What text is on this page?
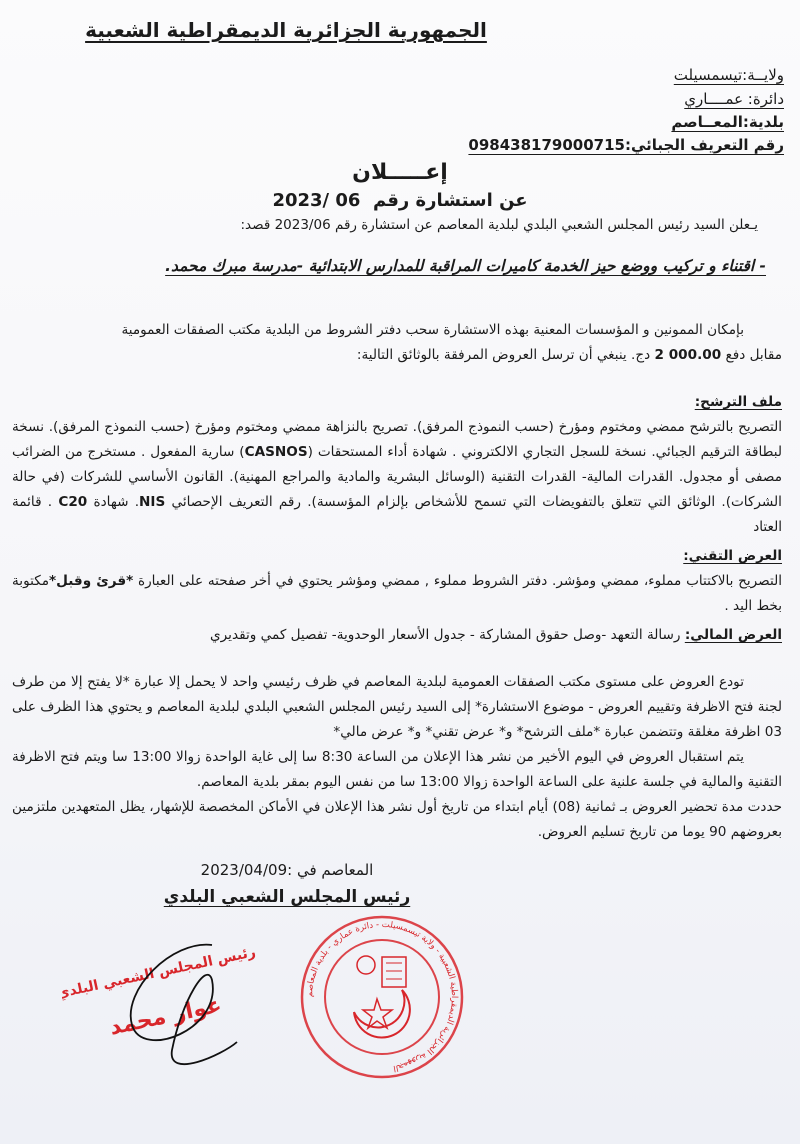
الجمهورية الجزائرية الديمقراطية الشعبية
ولايــة:تيسمسيلت
دائرة: عمــــاري
بلدية:المعــاصم
رقم التعريف الجبائي:098438179000715
إعـــــلان
عن استشارة رقم  2023/ 06
يـعلن السيد رئيس المجلس الشعبي البلدي لبلدية المعاصم عن استشارة رقم 2023/06 قصد:
- اقتناء و تركيب ووضع حيز الخدمة كاميرات المراقبة للمدارس الابتدائية -مدرسة مبرك محمد.
بإمكان الممونين و المؤسسات المعنية بهذه الاستشارة سحب دفتر الشروط من البلدية مكتب الصفقات العمومية
مقابل دفع 2 000.00 دج. ينبغي أن ترسل العروض المرفقة بالوثائق التالية:
ملف الترشح:
التصريح بالترشح ممضي ومختوم ومؤرخ (حسب النموذج المرفق). تصريح بالنزاهة ممضي ومختوم ومؤرخ (حسب النموذج المرفق). نسخة لبطاقة الترقيم الجبائي. نسخة للسجل التجاري الالكتروني . شهادة أداء المستحقات (CASNOS) سارية المفعول . مستخرج من الضرائب مصفى أو مجدول. القدرات المالية- القدرات التقنية (الوسائل البشرية والمادية والمراجع المهنية). القانون الأساسي للشركات (في حالة الشركات). الوثائق التي تتعلق بالتفويضات التي تسمح للأشخاص بإلزام المؤسسة). رقم التعريف الإحصائي NIS. شهادة C20 . قائمة العتاد
العرض التقني:
التصريح بالاكتتاب مملوء، ممضي ومؤشر. دفتر الشروط مملوء , ممضي ومؤشر يحتوي في أخر صفحته على العبارة *قرئ وقبل*مكتوبة بخط اليد .
العرض المالي: رسالة التعهد -وصل حقوق المشاركة - جدول الأسعار الوحدوية- تفصيل كمي وتقديري
تودع العروض على مستوى مكتب الصفقات العمومية لبلدية المعاصم في ظرف رئيسي واحد لا يحمل إلا عبارة *لا يفتح إلا من طرف لجنة فتح الاظرفة وتقييم العروض - موضوع الاستشارة* إلى السيد رئيس المجلس الشعبي البلدي لبلدية المعاصم و يحتوي هذا الظرف على 03 اظرفة مغلقة وتتضمن عبارة *ملف الترشح* و* عرض تقني* و* عرض مالي*
يتم استقبال العروض في اليوم الأخير من نشر هذا الإعلان من الساعة 8:30 سا إلى غاية الواحدة زوالا 13:00 سا ويتم فتح الاظرفة التقنية والمالية في جلسة علنية على الساعة الواحدة زوالا 13:00 سا من نفس اليوم بمقر بلدية المعاصم.
حددت مدة تحضير العروض بـ ثمانية (08) أيام ابتداء من تاريخ أول نشر هذا الإعلان في الأماكن المخصصة للإشهار، يظل المتعهدين ملتزمين بعروضهم 90 يوما من تاريخ تسليم العروض.
المعاصم في :2023/04/09
رئيس المجلس الشعبي البلدي
رئيس المجلس الشعبي البلدي
عوار محمد	الجمهورية الجزائرية الديمقراطية الشعبية - ولاية تيسمسيلت - دائرة عماري - بلدية المعاصم
